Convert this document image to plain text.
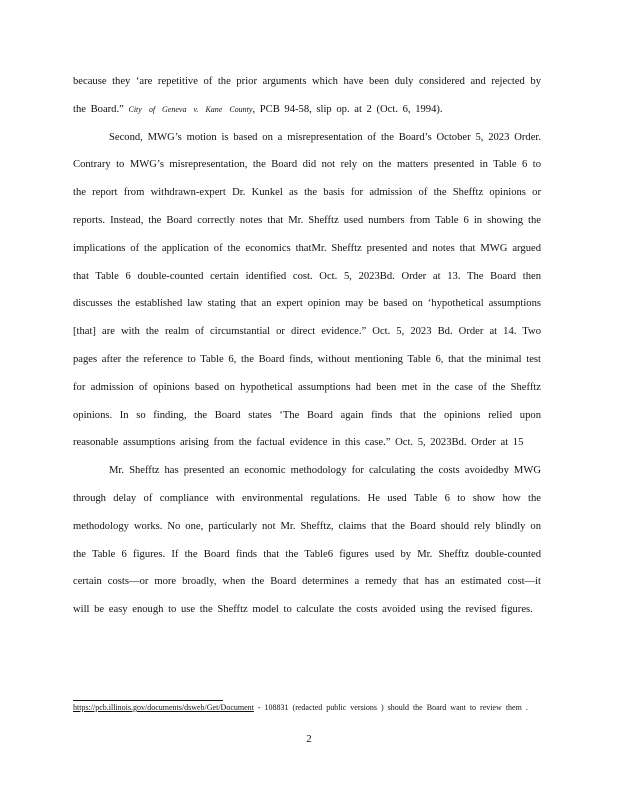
because they ‘are repetitive of the prior arguments which have been duly considered and rejected by the Board.” City of Geneva v. Kane County, PCB 94-58, slip op. at 2 (Oct. 6, 1994).

Second, MWG’s motion is based on a misrepresentation of the Board’s October 5, 2023 Order. Contrary to MWG’s misrepresentation, the Board did not rely on the matters presented in Table 6 to the report from withdrawn-expert Dr. Kunkel as the basis for admission of the Shefftz opinions or reports. Instead, the Board correctly notes that Mr. Shefftz used numbers from Table 6 in showing the implications of the application of the economics thatMr. Shefftz presented and notes that MWG argued that Table 6 double-counted certain identified cost. Oct. 5, 2023Bd. Order at 13. The Board then discusses the established law stating that an expert opinion may be based on ‘hypothetical assumptions [that] are with the realm of circumstantial or direct evidence.” Oct. 5, 2023 Bd. Order at 14. Two pages after the reference to Table 6, the Board finds, without mentioning Table 6, that the minimal test for admission of opinions based on hypothetical assumptions had been met in the case of the Shefftz opinions. In so finding, the Board states ‘The Board again finds that the opinions relied upon reasonable assumptions arising from the factual evidence in this case.” Oct. 5, 2023Bd. Order at 15

Mr. Shefftz has presented an economic methodology for calculating the costs avoidedby MWG through delay of compliance with environmental regulations. He used Table 6 to show how the methodology works. No one, particularly not Mr. Shefftz, claims that the Board should rely blindly on the Table 6 figures. If the Board finds that the Table6 figures used by Mr. Shefftz double-counted certain costs—or more broadly, when the Board determines a remedy that has an estimated cost—it will be easy enough to use the Shefftz model to calculate the costs avoided using the revised figures.

https://pcb.illinois.gov/documents/dsweb/Get/Document - 108831 (redacted public versions ) should the Board want to review them .
2
